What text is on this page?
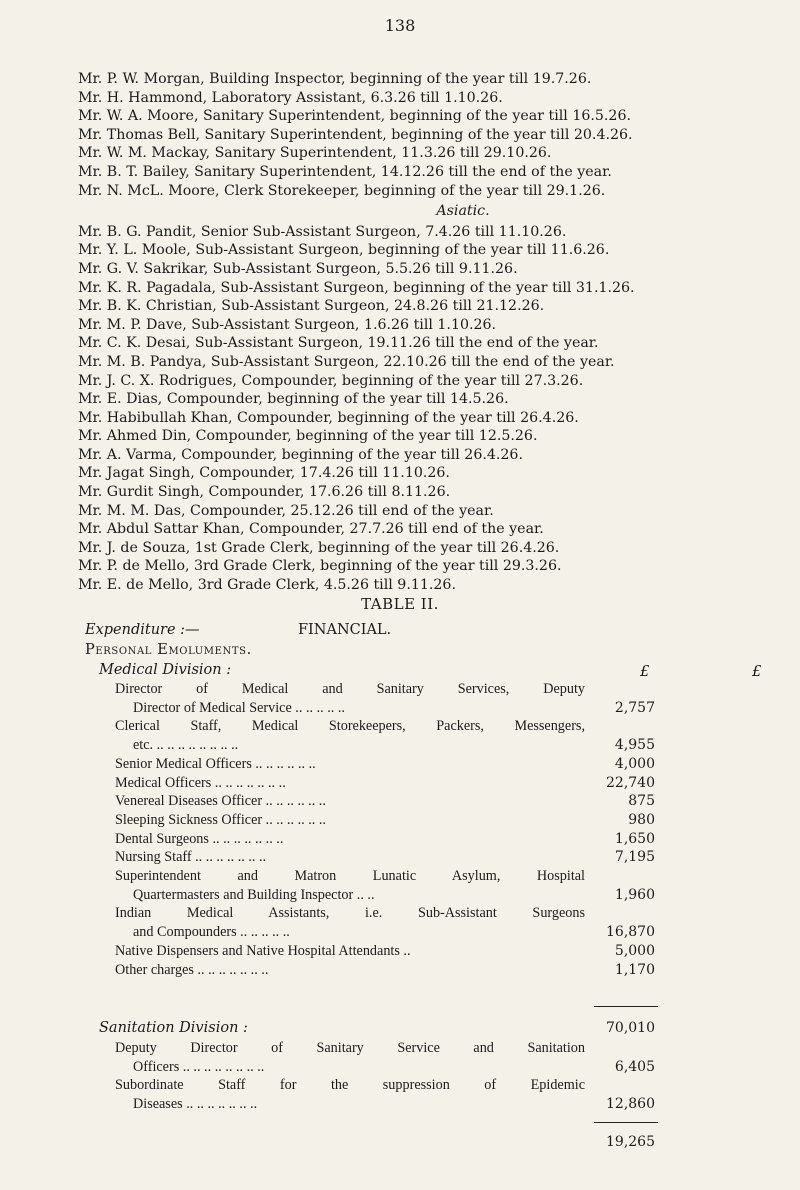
138
Mr. P. W. Morgan, Building Inspector, beginning of the year till 19.7.26.
Mr. H. Hammond, Laboratory Assistant, 6.3.26 till 1.10.26.
Mr. W. A. Moore, Sanitary Superintendent, beginning of the year till 16.5.26.
Mr. Thomas Bell, Sanitary Superintendent, beginning of the year till 20.4.26.
Mr. W. M. Mackay, Sanitary Superintendent, 11.3.26 till 29.10.26.
Mr. B. T. Bailey, Sanitary Superintendent, 14.12.26 till the end of the year.
Mr. N. McL. Moore, Clerk Storekeeper, beginning of the year till 29.1.26.
Asiatic.
Mr. B. G. Pandit, Senior Sub-Assistant Surgeon, 7.4.26 till 11.10.26.
Mr. Y. L. Moole, Sub-Assistant Surgeon, beginning of the year till 11.6.26.
Mr. G. V. Sakrikar, Sub-Assistant Surgeon, 5.5.26 till 9.11.26.
Mr. K. R. Pagadala, Sub-Assistant Surgeon, beginning of the year till 31.1.26.
Mr. B. K. Christian, Sub-Assistant Surgeon, 24.8.26 till 21.12.26.
Mr. M. P. Dave, Sub-Assistant Surgeon, 1.6.26 till 1.10.26.
Mr. C. K. Desai, Sub-Assistant Surgeon, 19.11.26 till the end of the year.
Mr. M. B. Pandya, Sub-Assistant Surgeon, 22.10.26 till the end of the year.
Mr. J. C. X. Rodrigues, Compounder, beginning of the year till 27.3.26.
Mr. E. Dias, Compounder, beginning of the year till 14.5.26.
Mr. Habibullah Khan, Compounder, beginning of the year till 26.4.26.
Mr. Ahmed Din, Compounder, beginning of the year till 12.5.26.
Mr. A. Varma, Compounder, beginning of the year till 26.4.26.
Mr. Jagat Singh, Compounder, 17.4.26 till 11.10.26.
Mr. Gurdit Singh, Compounder, 17.6.26 till 8.11.26.
Mr. M. M. Das, Compounder, 25.12.26 till end of the year.
Mr. Abdul Sattar Khan, Compounder, 27.7.26 till end of the year.
Mr. J. de Souza, 1st Grade Clerk, beginning of the year till 26.4.26.
Mr. P. de Mello, 3rd Grade Clerk, beginning of the year till 29.3.26.
Mr. E. de Mello, 3rd Grade Clerk, 4.5.26 till 9.11.26.
TABLE II.
Expenditure :—	FINANCIAL.
Personal Emoluments.
Medical Division :	£	£
Director of Medical and Sanitary Services, Deputy
Director of Medical Service .. .. .. .. ..	2,757
Clerical Staff, Medical Storekeepers, Packers, Messengers,
etc. .. .. .. .. .. .. .. ..	4,955
Senior Medical Officers .. .. .. .. .. ..	4,000
Medical Officers .. .. .. .. .. .. ..	22,740
Venereal Diseases Officer .. .. .. .. .. ..	875
Sleeping Sickness Officer .. .. .. .. .. ..	980
Dental Surgeons .. .. .. .. .. .. ..	1,650
Nursing Staff .. .. .. .. .. .. ..	7,195
Superintendent and Matron Lunatic Asylum, Hospital
Quartermasters and Building Inspector .. ..	1,960
Indian Medical Assistants, i.e. Sub-Assistant Surgeons
and Compounders .. .. .. .. ..	16,870
Native Dispensers and Native Hospital Attendants ..	5,000
Other charges .. .. .. .. .. .. ..	1,170
Sanitation Division :	70,010
Deputy Director of Sanitary Service and Sanitation
Officers .. .. .. .. .. .. .. ..	6,405
Subordinate Staff for the suppression of Epidemic
Diseases .. .. .. .. .. .. ..	12,860
19,265
